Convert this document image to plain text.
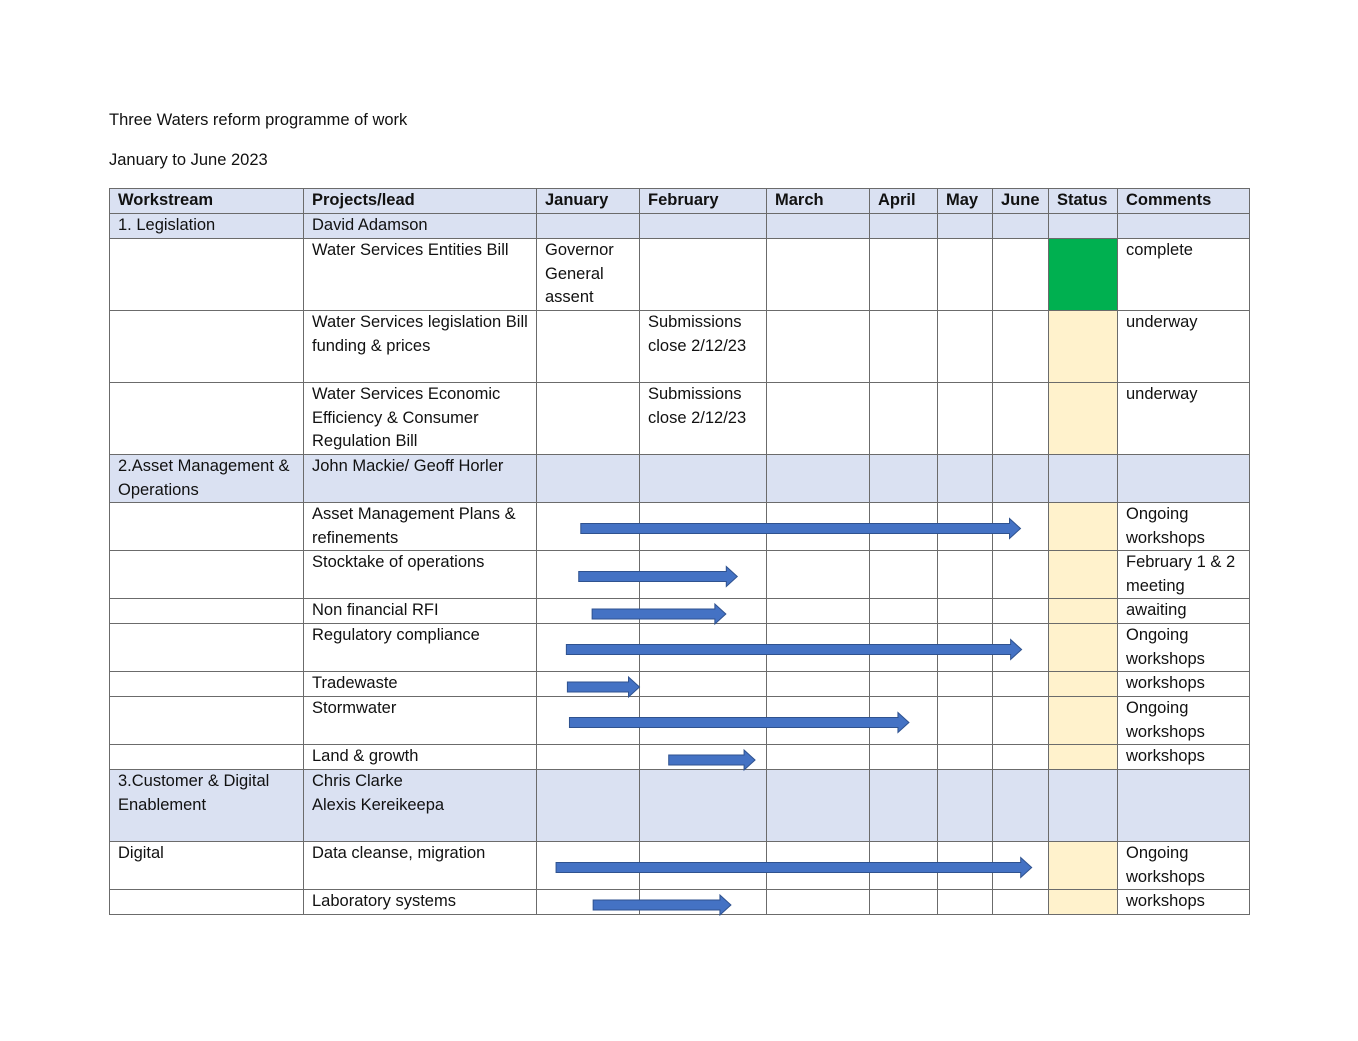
Three Waters reform programme of work
January to June 2023
Workstream	Projects/lead	January	February	March	April	May	June	Status	Comments
1. Legislation	David Adamson								
	Water Services Entities Bill	Governor General assent							complete
	Water Services legislation Bill funding & prices		Submissions close 2/12/23						underway
	Water Services Economic Efficiency & Consumer Regulation Bill		Submissions close 2/12/23						underway
2.Asset Management & Operations	John Mackie/ Geoff Horler								
	Asset Management Plans & refinements								Ongoing workshops
	Stocktake of operations								February 1 & 2 meeting
	Non financial RFI								awaiting
	Regulatory compliance								Ongoing workshops
	Tradewaste								workshops
	Stormwater								Ongoing workshops
	Land & growth								workshops
3.Customer & Digital Enablement	Chris Clarke
Alexis Kereikeepa								
Digital	Data cleanse, migration								Ongoing workshops
	Laboratory systems								workshops
